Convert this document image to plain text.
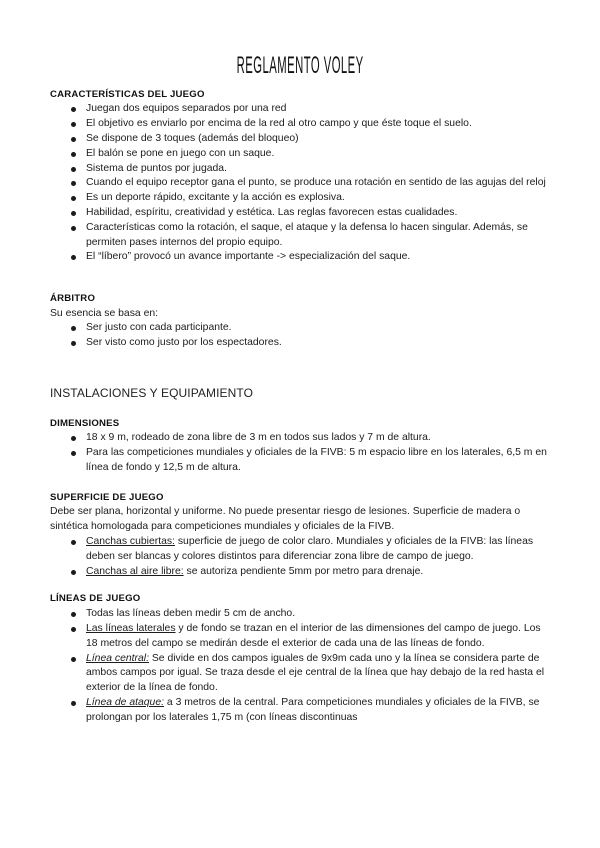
REGLAMENTO VOLEY

CARACTERÍSTICAS DEL JUEGO

Juegan dos equipos separados por una red
El objetivo es enviarlo por encima de la red al otro campo y que éste toque el suelo.
Se dispone de 3 toques (además del bloqueo)
El balón se pone en juego con un saque.
Sistema de puntos por jugada.
Cuando el equipo receptor gana el punto, se produce una rotación en sentido de las agujas del reloj
Es un deporte rápido, excitante y la acción es explosiva.
Habilidad, espíritu, creatividad y estética. Las reglas favorecen estas cualidades.
Características como la rotación, el saque, el ataque y la defensa lo hacen singular. Además, se permiten pases internos del propio equipo.
El “líbero” provocó un avance importante -> especialización del saque.

ÁRBITRO

Su esencia se basa en:

Ser justo con cada participante.
Ser visto como justo por los espectadores.

INSTALACIONES Y EQUIPAMIENTO

DIMENSIONES

18 x 9 m, rodeado de zona libre de 3 m en todos sus lados y 7 m de altura.
Para las competiciones mundiales y oficiales de la FIVB: 5 m espacio libre en los laterales, 6,5 m en línea de fondo y 12,5 m de altura.

SUPERFICIE DE JUEGO

Debe ser plana, horizontal y uniforme. No puede presentar riesgo de lesiones. Superficie de madera o sintética homologada para competiciones mundiales y oficiales de la FIVB.

Canchas cubiertas: superficie de juego de color claro. Mundiales y oficiales de la FIVB: las líneas deben ser blancas y colores distintos para diferenciar zona libre de campo de juego.
Canchas al aire libre: se autoriza pendiente 5mm por metro para drenaje.

LÍNEAS DE JUEGO

Todas las líneas deben medir 5 cm de ancho.
Las líneas laterales y de fondo se trazan en el interior de las dimensiones del campo de juego. Los 18 metros del campo se medirán desde el exterior de cada una de las líneas de fondo.
Línea central: Se divide en dos campos iguales de 9x9m cada uno y la línea se considera parte de ambos campos por igual. Se traza desde el eje central de la línea que hay debajo de la red hasta el exterior de la línea de fondo.
Línea de ataque: a 3 metros de la central. Para competiciones mundiales y oficiales de la FIVB, se prolongan por los laterales 1,75 m (con líneas discontinuas
